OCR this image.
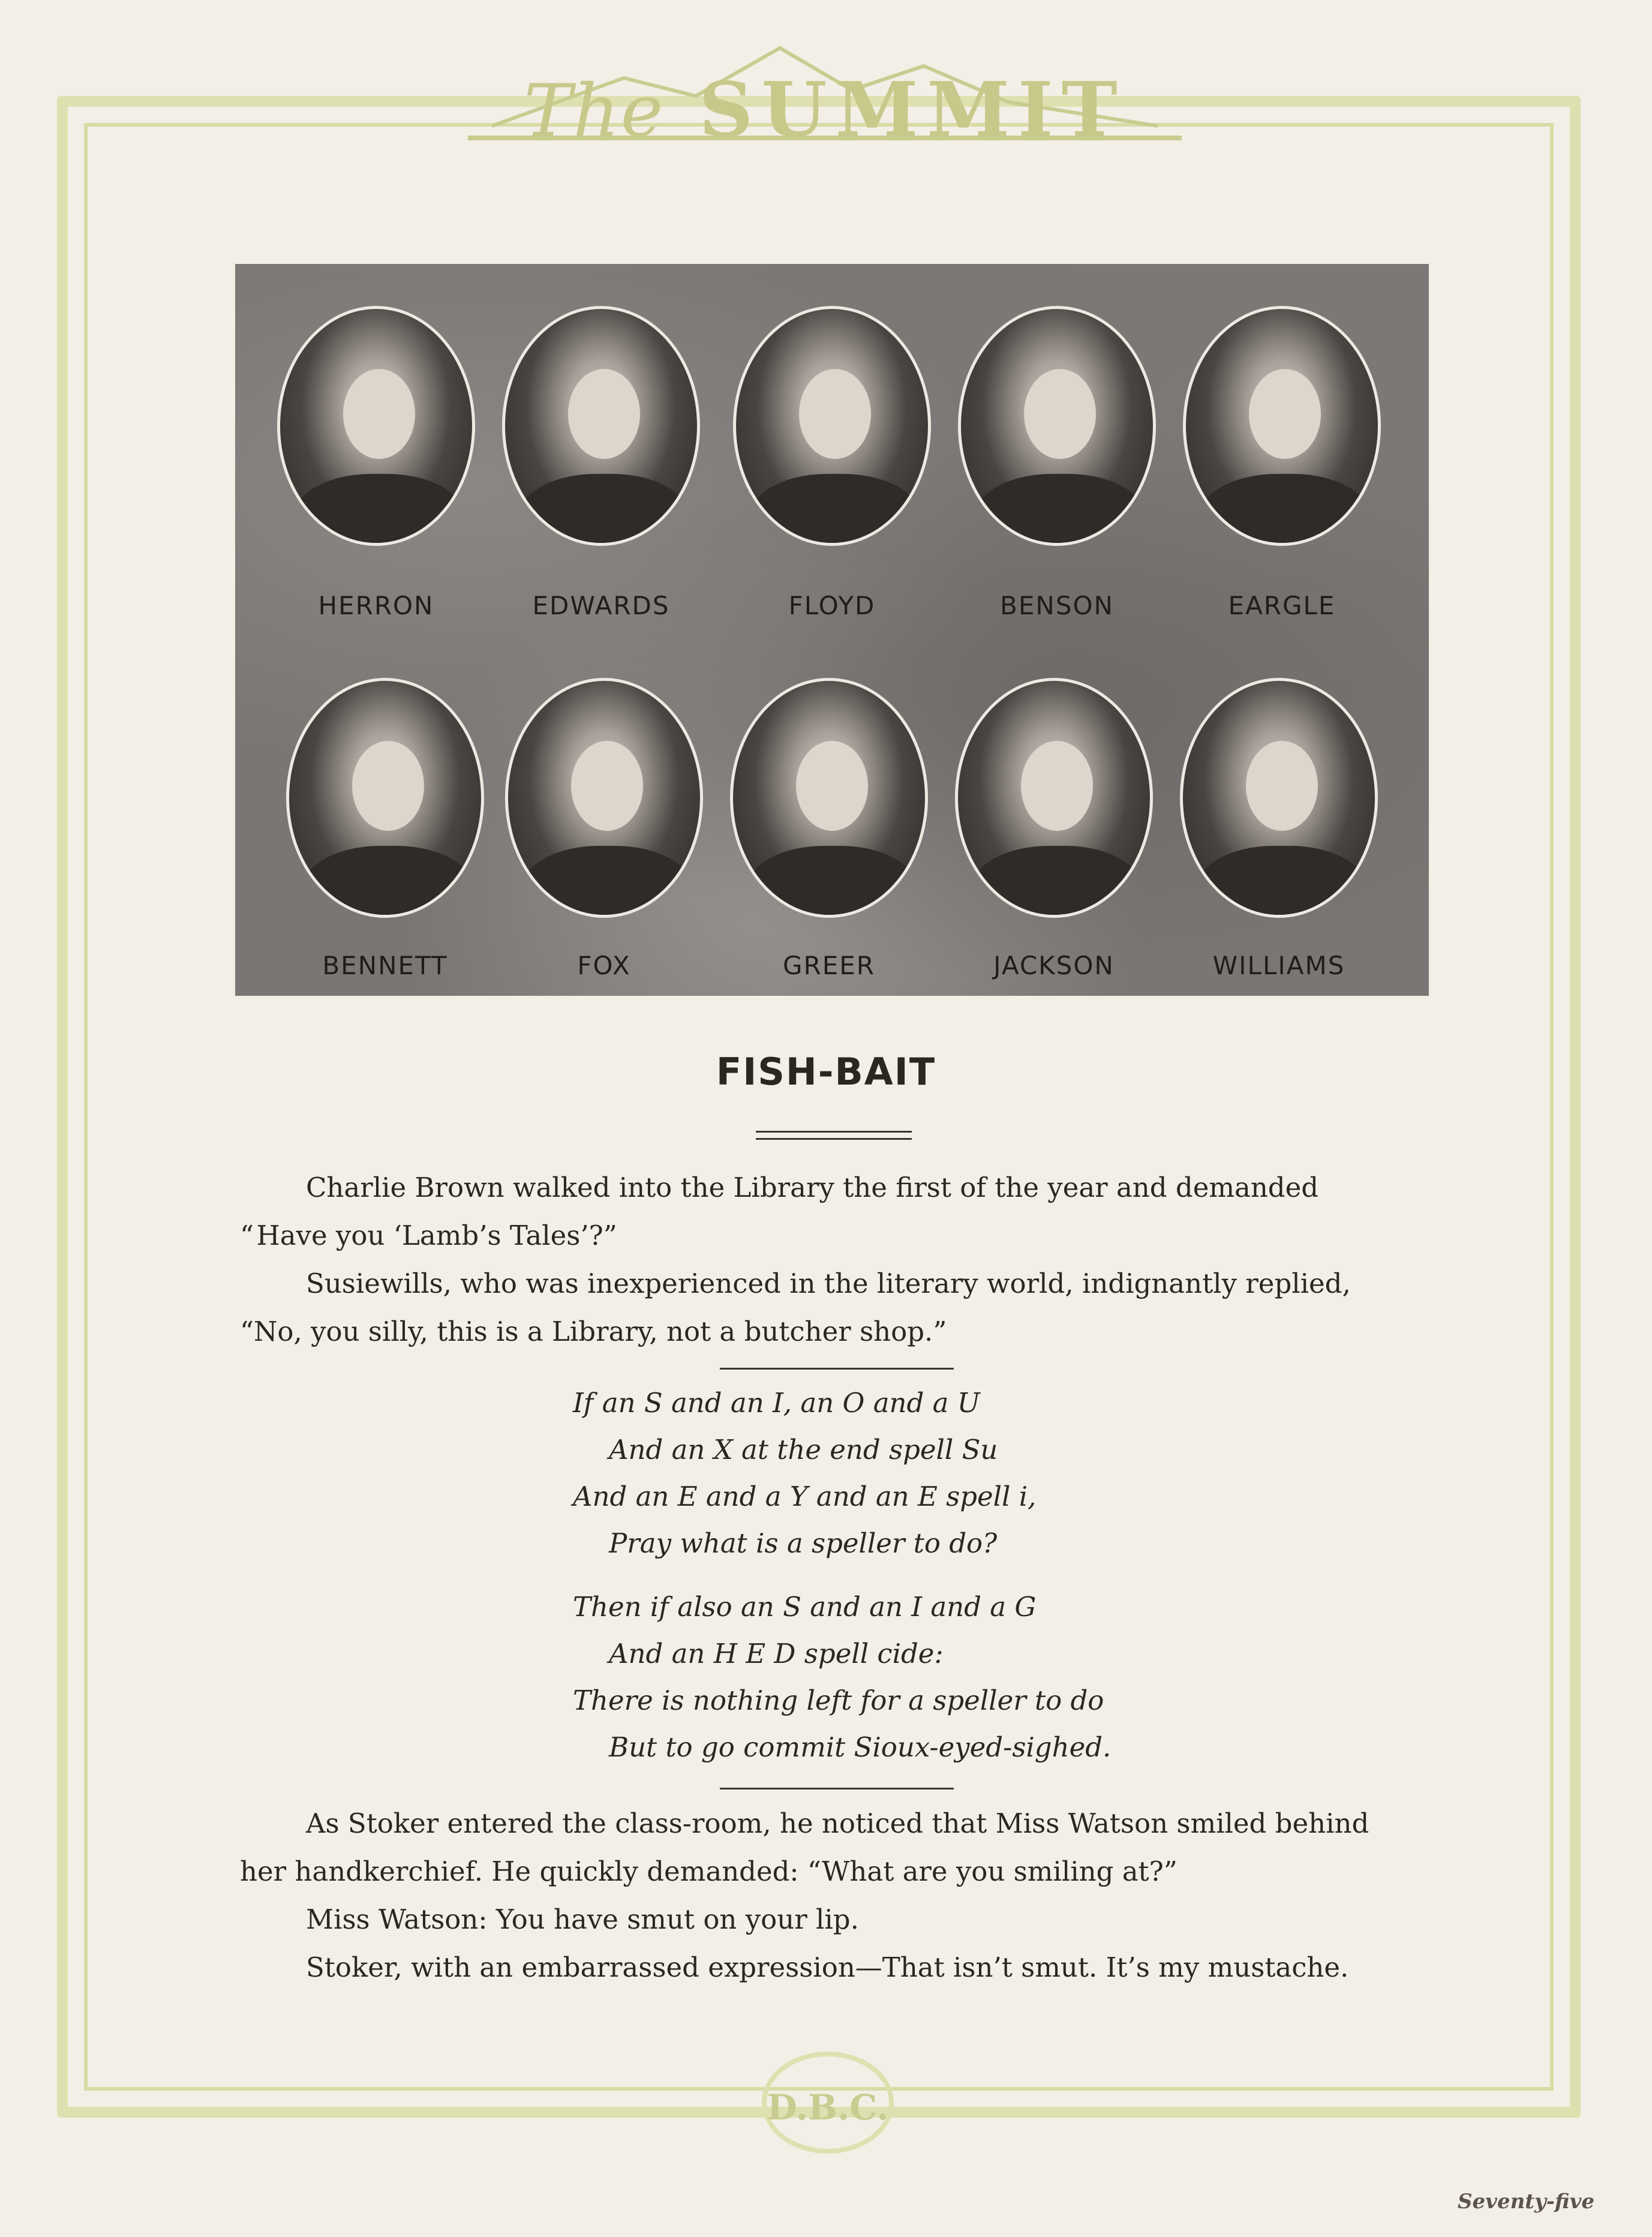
The SUMMIT
HERRON	EDWARDS	FLOYD	BENSON	EARGLE
BENNETT	FOX	GREER	JACKSON	WILLIAMS
FISH-BAIT
Charlie Brown walked into the Library the first of the year and demanded
“ Have you ‘Lamb’s Tales’?”
Susiewills, who was inexperienced in the literary world, indignantly replied,
“No, you silly, this is a Library, not a butcher shop.”
If an S and an I, an O and a U
And an X at the end spell Su
And an E and a Y and an E spell i,
Pray what is a speller to do?
Then if also an S and an I and a G
And an H E D spell cide:
There is nothing left for a speller to do
But to go commit Sioux-eyed-sighed.
As Stoker entered the class-room, he noticed that Miss Watson smiled behind
her handkerchief. He quickly demanded: “What are you smiling at?”
Miss Watson: You have smut on your lip.
Stoker, with an embarrassed expression—That isn’t smut. It’s my mustache.
D.B.C.
Seventy-five
